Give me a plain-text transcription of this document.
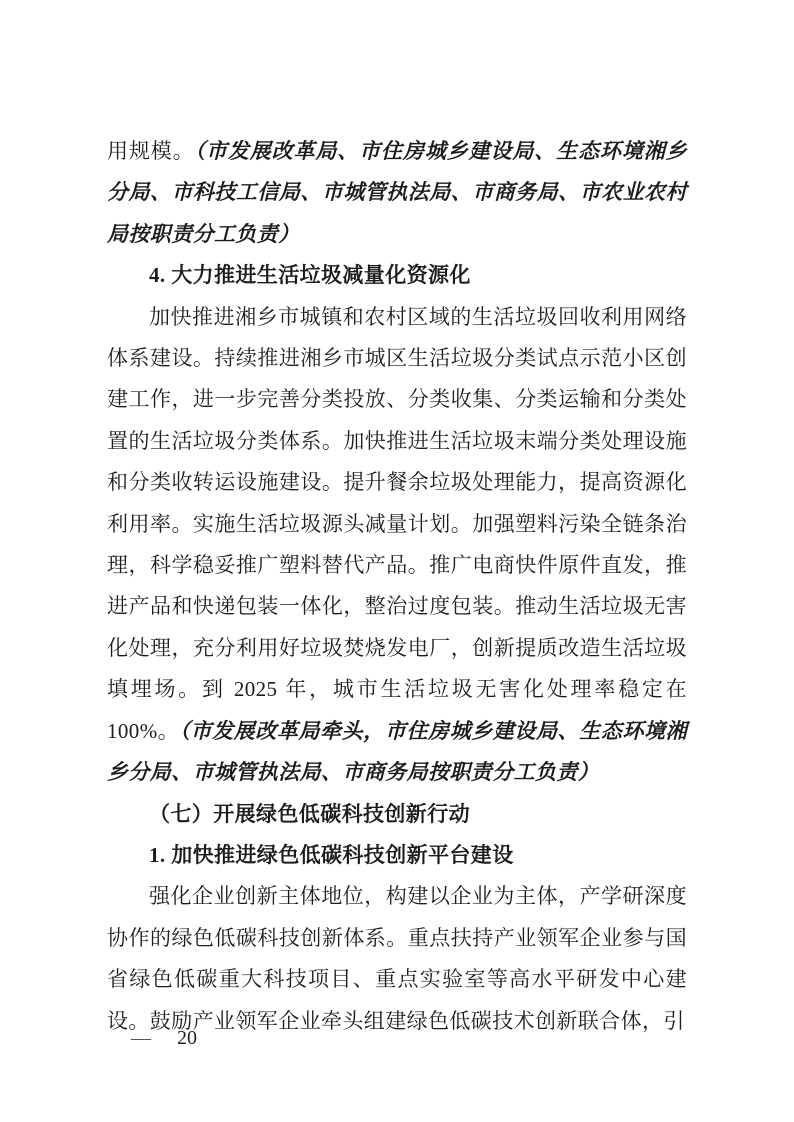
用规模。（市发展改革局、市住房城乡建设局、生态环境湘乡分局、市科技工信局、市城管执法局、市商务局、市农业农村局按职责分工负责）

4. 大力推进生活垃圾减量化资源化

加快推进湘乡市城镇和农村区域的生活垃圾回收利用网络体系建设。持续推进湘乡市城区生活垃圾分类试点示范小区创建工作，进一步完善分类投放、分类收集、分类运输和分类处置的生活垃圾分类体系。加快推进生活垃圾末端分类处理设施和分类收转运设施建设。提升餐余垃圾处理能力，提高资源化利用率。实施生活垃圾源头减量计划。加强塑料污染全链条治理，科学稳妥推广塑料替代产品。推广电商快件原件直发，推进产品和快递包装一体化，整治过度包装。推动生活垃圾无害化处理，充分利用好垃圾焚烧发电厂，创新提质改造生活垃圾填埋场。到 2025 年，城市生活垃圾无害化处理率稳定在 100%。（市发展改革局牵头，市住房城乡建设局、生态环境湘乡分局、市城管执法局、市商务局按职责分工负责）

（七）开展绿色低碳科技创新行动

1. 加快推进绿色低碳科技创新平台建设

强化企业创新主体地位，构建以企业为主体，产学研深度协作的绿色低碳科技创新体系。重点扶持产业领军企业参与国省绿色低碳重大科技项目、重点实验室等高水平研发中心建设。鼓励产业领军企业牵头组建绿色低碳技术创新联合体，引

— 20
